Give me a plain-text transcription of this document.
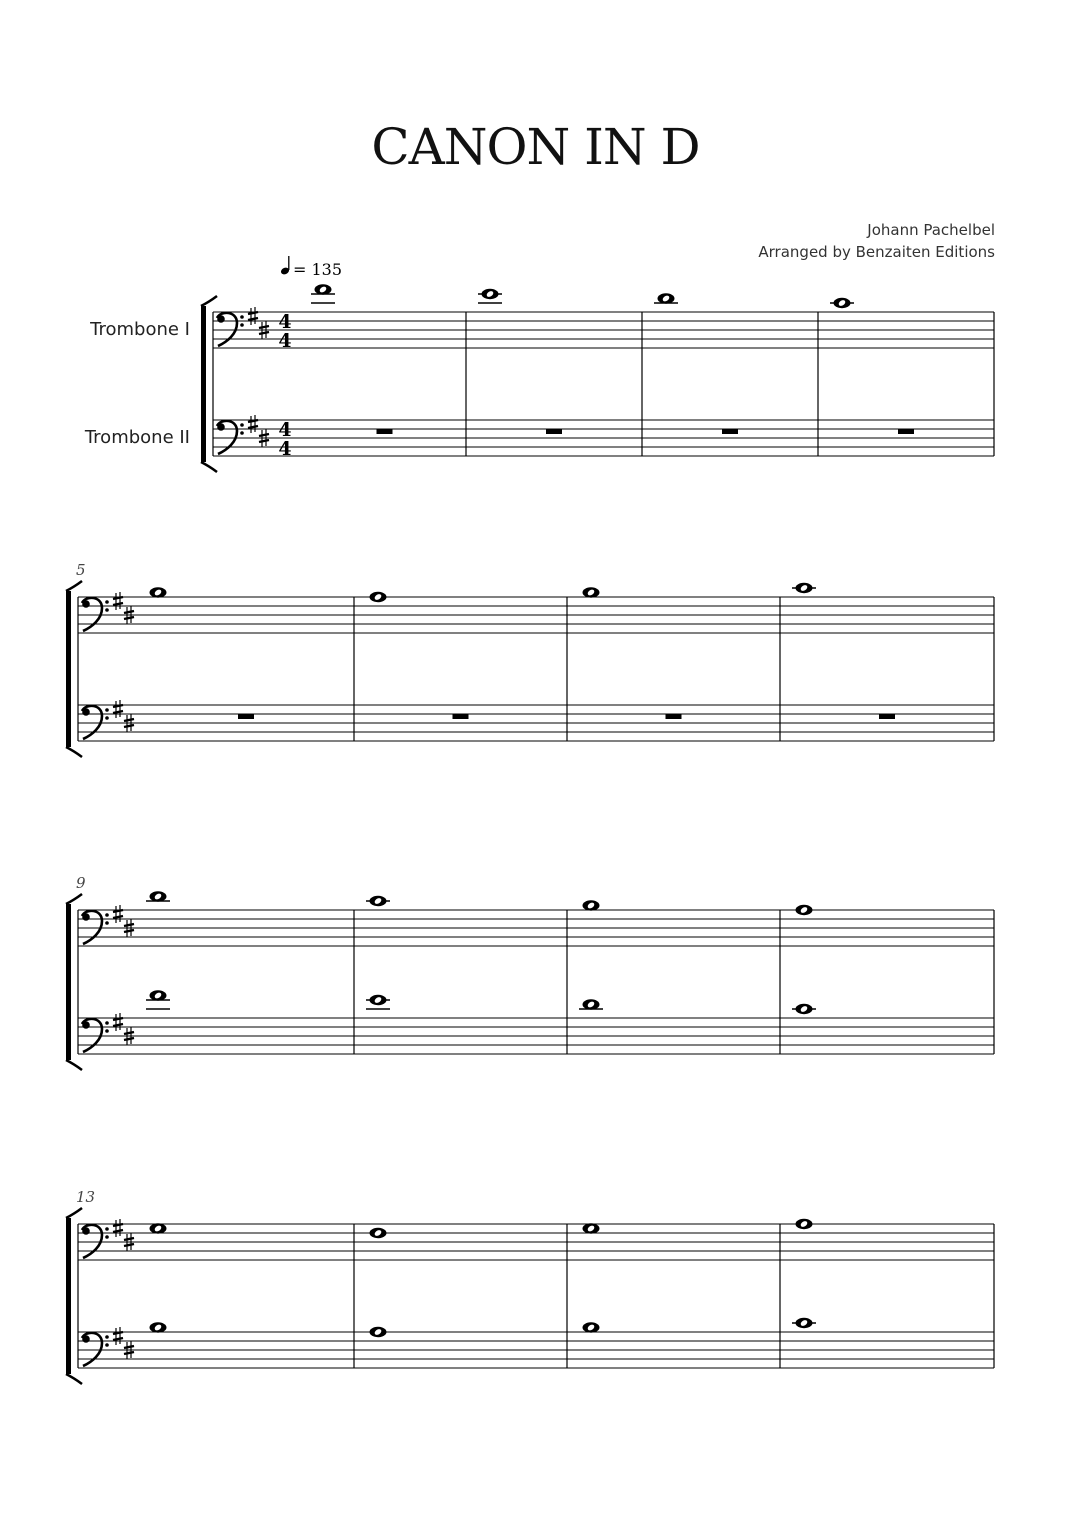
CANON IN D
Johann Pachelbel
Arranged by Benzaiten Editions
Trombone I
Trombone II
4
4
4
4
5
9
13
= 135
